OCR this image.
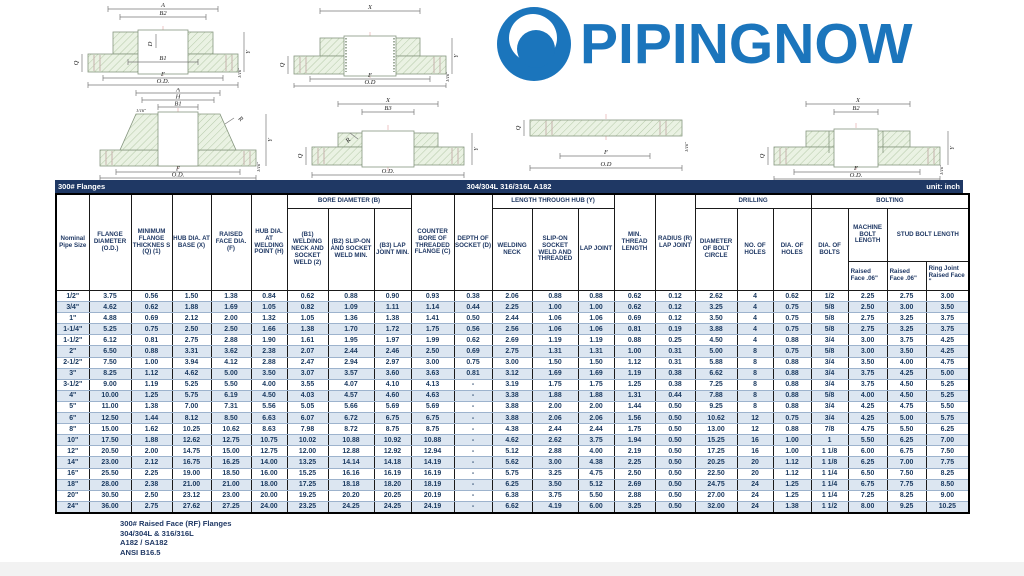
A
B2
D
B1
F
O.D.
Q
Y
1/16"
X
F
O.D
Q
Y
1/16"
PIPINGNOW
A
H
B1
1/16"
R
Y
F
O.D.
1/16"
X
B3
R
Q
Y
O.D.
Q
F
O.D
1/16"
X
B2
Q
Y
F
O.D.
1/16"
300# Flanges	304/304L 316/316L A182	unit: inch
Nominal Pipe Size	FLANGE DIAMETER (O.D.)	MINIMUM FLANGE THICKNES S (Q) (1)	HUB DIA. AT BASE (X)	RAISED FACE DIA. (F)	HUB DIA. AT WELDING POINT (H)	BORE DIAMETER (B)			COUNTER BORE OF THREADED FLANGE (C)	DEPTH OF SOCKET (D)	LENGTH THROUGH HUB (Y)			MIN. THREAD LENGTH	RADIUS (R) LAP JOINT	DRILLING			BOLTING			
						(B1) WELDING NECK AND SOCKET WELD (2)	(B2) SLIP-ON AND SOCKET WELD MIN.	(B3) LAP JOINT MIN.			WELDING NECK	SLIP-ON SOCKET WELD AND THREADED	LAP JOINT			DIAMETER OF BOLT CIRCLE	NO. OF HOLES	DIA. OF HOLES	DIA. OF BOLTS	MACHINE BOLT LENGTH	STUD BOLT LENGTH	
																				Raised Face .06"	Raised Face .06"	Ring Joint Raised Face "
1/2"	3.75	0.56	1.50	1.38	0.84	0.62	0.88	0.90	0.93	0.38	2.06	0.88	0.88	0.62	0.12	2.62	4	0.62	1/2	2.25	2.75	3.00
3/4"	4.62	0.62	1.88	1.69	1.05	0.82	1.09	1.11	1.14	0.44	2.25	1.00	1.00	0.62	0.12	3.25	4	0.75	5/8	2.50	3.00	3.50
1"	4.88	0.69	2.12	2.00	1.32	1.05	1.36	1.38	1.41	0.50	2.44	1.06	1.06	0.69	0.12	3.50	4	0.75	5/8	2.75	3.25	3.75
1-1/4"	5.25	0.75	2.50	2.50	1.66	1.38	1.70	1.72	1.75	0.56	2.56	1.06	1.06	0.81	0.19	3.88	4	0.75	5/8	2.75	3.25	3.75
1-1/2"	6.12	0.81	2.75	2.88	1.90	1.61	1.95	1.97	1.99	0.62	2.69	1.19	1.19	0.88	0.25	4.50	4	0.88	3/4	3.00	3.75	4.25
2"	6.50	0.88	3.31	3.62	2.38	2.07	2.44	2.46	2.50	0.69	2.75	1.31	1.31	1.00	0.31	5.00	8	0.75	5/8	3.00	3.50	4.25
2-1/2"	7.50	1.00	3.94	4.12	2.88	2.47	2.94	2.97	3.00	0.75	3.00	1.50	1.50	1.12	0.31	5.88	8	0.88	3/4	3.50	4.00	4.75
3"	8.25	1.12	4.62	5.00	3.50	3.07	3.57	3.60	3.63	0.81	3.12	1.69	1.69	1.19	0.38	6.62	8	0.88	3/4	3.75	4.25	5.00
3-1/2"	9.00	1.19	5.25	5.50	4.00	3.55	4.07	4.10	4.13	-	3.19	1.75	1.75	1.25	0.38	7.25	8	0.88	3/4	3.75	4.50	5.25
4"	10.00	1.25	5.75	6.19	4.50	4.03	4.57	4.60	4.63	-	3.38	1.88	1.88	1.31	0.44	7.88	8	0.88	5/8	4.00	4.50	5.25
5"	11.00	1.38	7.00	7.31	5.56	5.05	5.66	5.69	5.69	-	3.88	2.00	2.00	1.44	0.50	9.25	8	0.88	3/4	4.25	4.75	5.50
6"	12.50	1.44	8.12	8.50	6.63	6.07	6.72	6.75	6.75	-	3.88	2.06	2.06	1.56	0.50	10.62	12	0.75	3/4	4.25	5.00	5.75
8"	15.00	1.62	10.25	10.62	8.63	7.98	8.72	8.75	8.75	-	4.38	2.44	2.44	1.75	0.50	13.00	12	0.88	7/8	4.75	5.50	6.25
10"	17.50	1.88	12.62	12.75	10.75	10.02	10.88	10.92	10.88	-	4.62	2.62	3.75	1.94	0.50	15.25	16	1.00	1	5.50	6.25	7.00
12"	20.50	2.00	14.75	15.00	12.75	12.00	12.88	12.92	12.94	-	5.12	2.88	4.00	2.19	0.50	17.25	16	1.00	1 1/8	6.00	6.75	7.50
14"	23.00	2.12	16.75	16.25	14.00	13.25	14.14	14.18	14.19	-	5.62	3.00	4.38	2.25	0.50	20.25	20	1.12	1 1/8	6.25	7.00	7.75
16"	25.50	2.25	19.00	18.50	16.00	15.25	16.16	16.19	16.19	-	5.75	3.25	4.75	2.50	0.50	22.50	20	1.12	1 1/4	6.50	7.50	8.25
18"	28.00	2.38	21.00	21.00	18.00	17.25	18.18	18.20	18.19	-	6.25	3.50	5.12	2.69	0.50	24.75	24	1.25	1 1/4	6.75	7.75	8.50
20"	30.50	2.50	23.12	23.00	20.00	19.25	20.20	20.25	20.19	-	6.38	3.75	5.50	2.88	0.50	27.00	24	1.25	1 1/4	7.25	8.25	9.00
24"	36.00	2.75	27.62	27.25	24.00	23.25	24.25	24.25	24.19	-	6.62	4.19	6.00	3.25	0.50	32.00	24	1.38	1 1/2	8.00	9.25	10.25
300# Raised Face (RF) Flanges
304/304L & 316/316L
A182 / SA182
ANSI B16.5
